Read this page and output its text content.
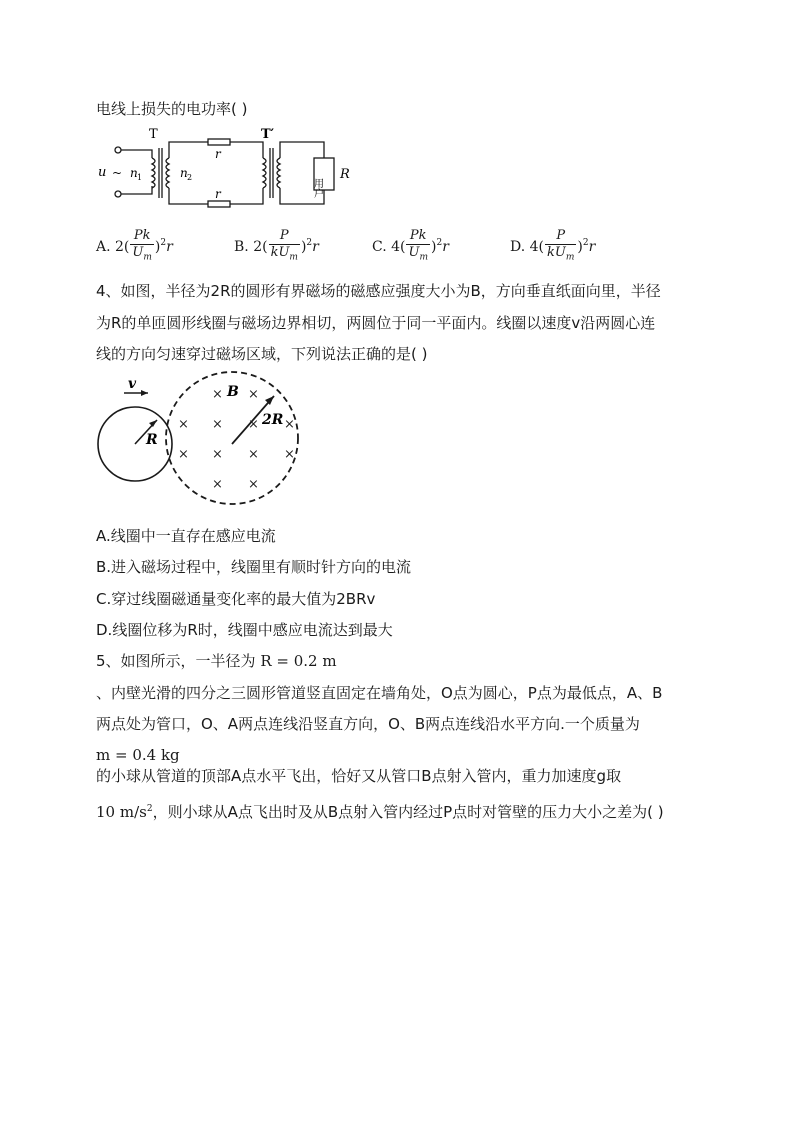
电线上损失的电功率( )
T	T′
u ~ n 1	n 2
r
r	用户
R
A. $2( \frac{Pk}{U_m} )^2r$	B. $2( \frac{P}{kU_m} )^2r$	C. $4( \frac{Pk}{U_m} )^2r$	D. $4( \frac{P}{kU_m} )^2r$
4、如图，半径为2R的圆形有界磁场的磁感应强度大小为B，方向垂直纸面向里，半径
为R的单匝圆形线圈与磁场边界相切，两圆位于同一平面内。线圈以速度v沿两圆心连
线的方向匀速穿过磁场区域，下列说法正确的是( )
v
R
B
2R
× ×
× × × ×
× × × ×
× ×
A.线圈中一直存在感应电流
B.进入磁场过程中，线圈里有顺时针方向的电流
C.穿过线圈磁通量变化率的最大值为2BRv
D.线圈位移为R时，线圈中感应电流达到最大
5、如图所示，一半径为 R = 0.2 m
、内壁光滑的四分之三圆形管道竖直固定在墙角处，O点为圆心，P点为最低点，A、B
两点处为管口，O、A两点连线沿竖直方向，O、B两点连线沿水平方向.一个质量为
m = 0.4 kg
的小球从管道的顶部A点水平飞出，恰好又从管口B点射入管内，重力加速度g取
10 $m/s^2$，则小球从A点飞出时及从B点射入管内经过P点时对管壁的压力大小之差为( )
